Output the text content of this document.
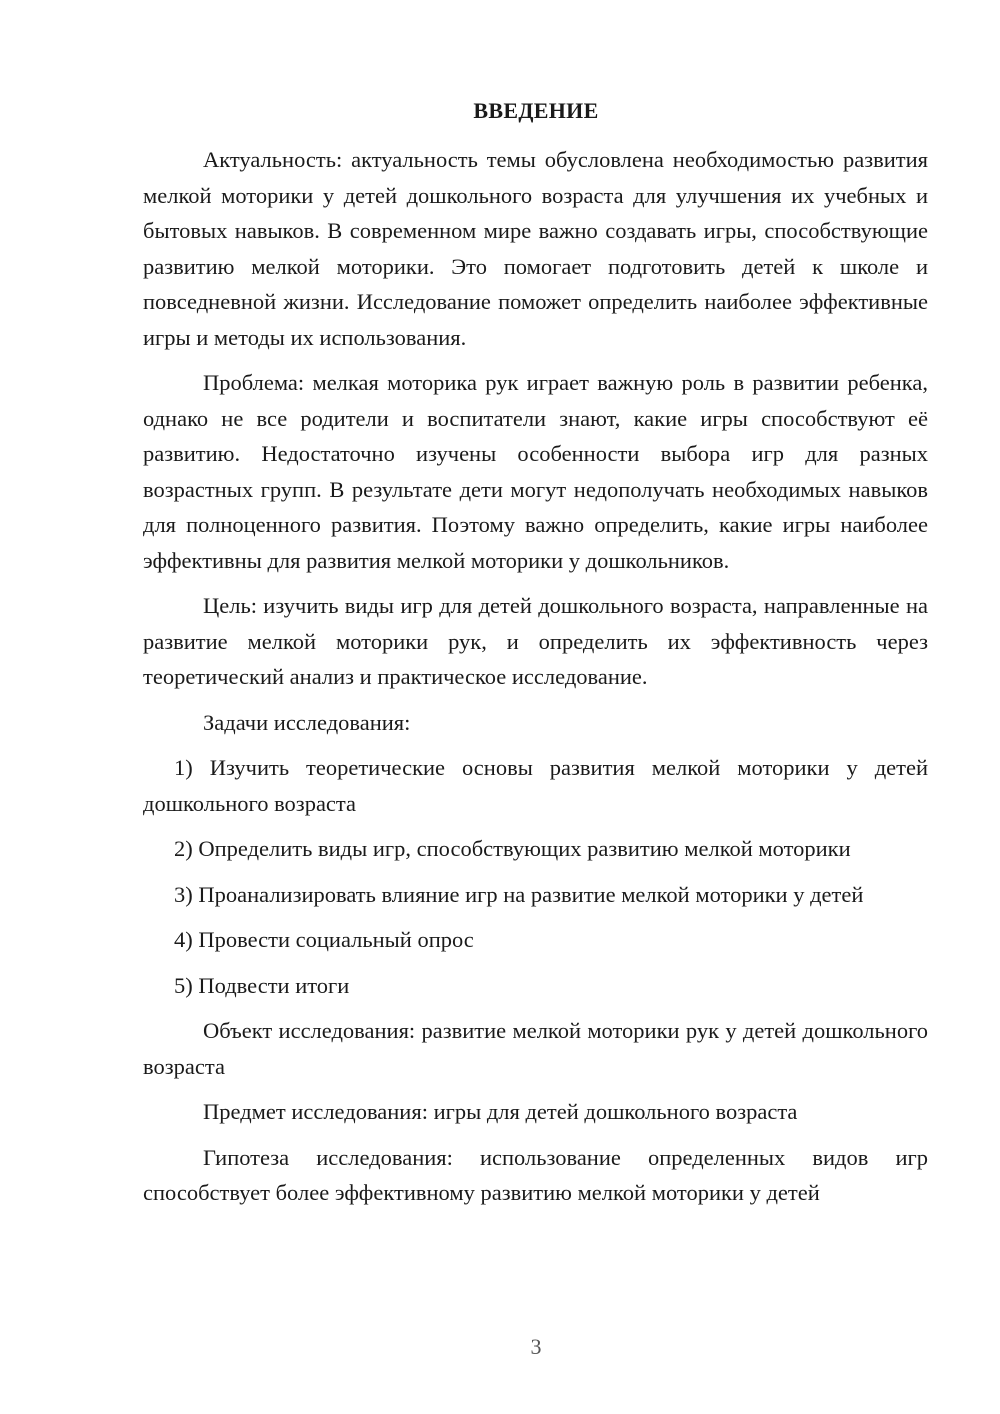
ВВЕДЕНИЕ

Актуальность: актуальность темы обусловлена необходимостью развития мелкой моторики у детей дошкольного возраста для улучшения их учебных и бытовых навыков. В современном мире важно создавать игры, способствующие развитию мелкой моторики. Это помогает подготовить детей к школе и повседневной жизни. Исследование поможет определить наиболее эффективные игры и методы их использования.

Проблема: мелкая моторика рук играет важную роль в развитии ребенка, однако не все родители и воспитатели знают, какие игры способствуют её развитию. Недостаточно изучены особенности выбора игр для разных возрастных групп. В результате дети могут недополучать необходимых навыков для полноценного развития. Поэтому важно определить, какие игры наиболее эффективны для развития мелкой моторики у дошкольников.

Цель: изучить виды игр для детей дошкольного возраста, направленные на развитие мелкой моторики рук, и определить их эффективность через теоретический анализ и практическое исследование.

Задачи исследования:

1) Изучить теоретические основы развития мелкой моторики у детей дошкольного возраста

2) Определить виды игр, способствующих развитию мелкой моторики

3) Проанализировать влияние игр на развитие мелкой моторики у детей

4) Провести социальный опрос

5) Подвести итоги

Объект исследования: развитие мелкой моторики рук у детей дошкольного возраста

Предмет исследования: игры для детей дошкольного возраста

Гипотеза исследования: использование определенных видов игр способствует более эффективному развитию мелкой моторики у детей

3
